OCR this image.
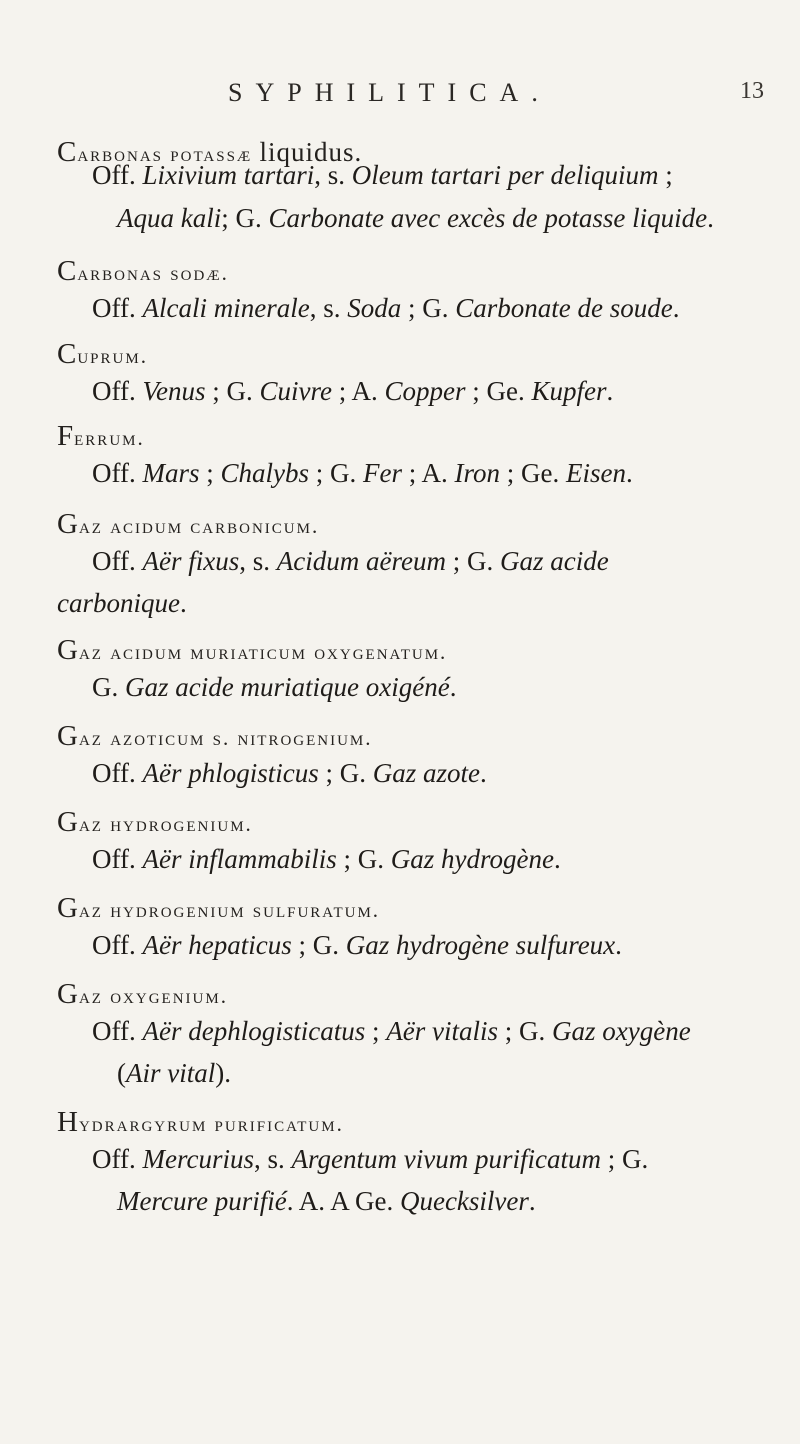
SYPHILITICA.	13
Carbonas potassæ liquidus.
Off. Lixivium tartari, s. Oleum tartari per deliquium ;
Aqua kali; G. Carbonate avec excès de potasse liquide.
Carbonas sodæ.
Off. Alcali minerale, s. Soda ; G. Carbonate de soude.
Cuprum.
Off. Venus ; G. Cuivre ; A. Copper ; Ge. Kupfer.
Ferrum.
Off. Mars ; Chalybs ; G. Fer ; A. Iron ; Ge. Eisen.
Gaz acidum carbonicum.
Off. Aër fixus, s. Acidum aëreum ; G. Gaz acide
carbonique.
Gaz acidum muriaticum oxygenatum.
G. Gaz acide muriatique oxigéné.
Gaz azoticum s. nitrogenium.
Off. Aër phlogisticus ; G. Gaz azote.
Gaz hydrogenium.
Off. Aër inflammabilis ; G. Gaz hydrogène.
Gaz hydrogenium sulfuratum.
Off. Aër hepaticus ; G. Gaz hydrogène sulfureux.
Gaz oxygenium.
Off. Aër dephlogisticatus ; Aër vitalis ; G. Gaz oxygène
(Air vital).
Hydrargyrum purificatum.
Off. Mercurius, s. Argentum vivum purificatum ; G.
Mercure purifié. A. A Ge. Quecksilver.
